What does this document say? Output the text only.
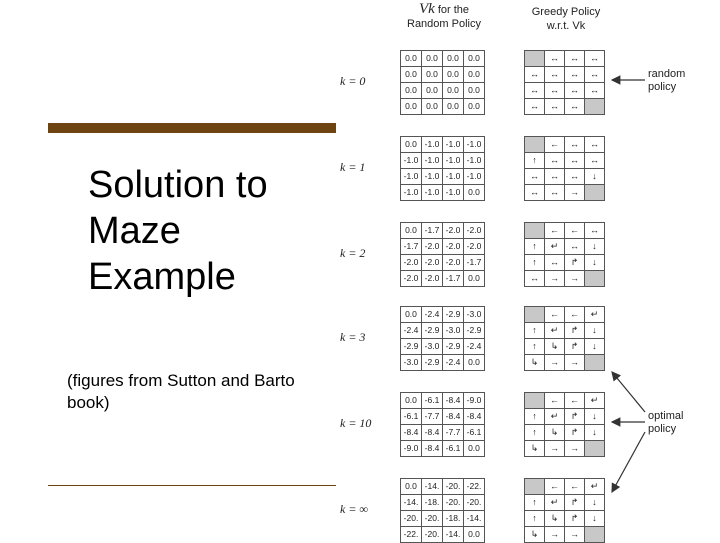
Solution to
Maze
Example
(figures from Sutton and Barto book)
Vk for the
Random Policy
Greedy Policy
w.r.t. Vk
k = 0
0.0	0.0	0.0	0.0
0.0	0.0	0.0	0.0
0.0	0.0	0.0	0.0
0.0	0.0	0.0	0.0
	↔	↔	↔
↔	↔	↔	↔
↔	↔	↔	↔
↔	↔	↔	
k = 1
0.0	-1.0	-1.0	-1.0
-1.0	-1.0	-1.0	-1.0
-1.0	-1.0	-1.0	-1.0
-1.0	-1.0	-1.0	0.0
	←	↔	↔
↑	↔	↔	↔
↔	↔	↔	↓
↔	↔	→	
k = 2
0.0	-1.7	-2.0	-2.0
-1.7	-2.0	-2.0	-2.0
-2.0	-2.0	-2.0	-1.7
-2.0	-2.0	-1.7	0.0
	←	←	↔
↑	↵	↔	↓
↑	↔	↱	↓
↔	→	→	
k = 3
0.0	-2.4	-2.9	-3.0
-2.4	-2.9	-3.0	-2.9
-2.9	-3.0	-2.9	-2.4
-3.0	-2.9	-2.4	0.0
	←	←	↵
↑	↵	↱	↓
↑	↳	↱	↓
↳	→	→	
k = 10
0.0	-6.1	-8.4	-9.0
-6.1	-7.7	-8.4	-8.4
-8.4	-8.4	-7.7	-6.1
-9.0	-8.4	-6.1	0.0
	←	←	↵
↑	↵	↱	↓
↑	↳	↱	↓
↳	→	→	
k = ∞
0.0	-14.	-20.	-22.
-14.	-18.	-20.	-20.
-20.	-20.	-18.	-14.
-22.	-20.	-14.	0.0
	←	←	↵
↑	↵	↱	↓
↑	↳	↱	↓
↳	→	→	
random
policy
optimal
policy
